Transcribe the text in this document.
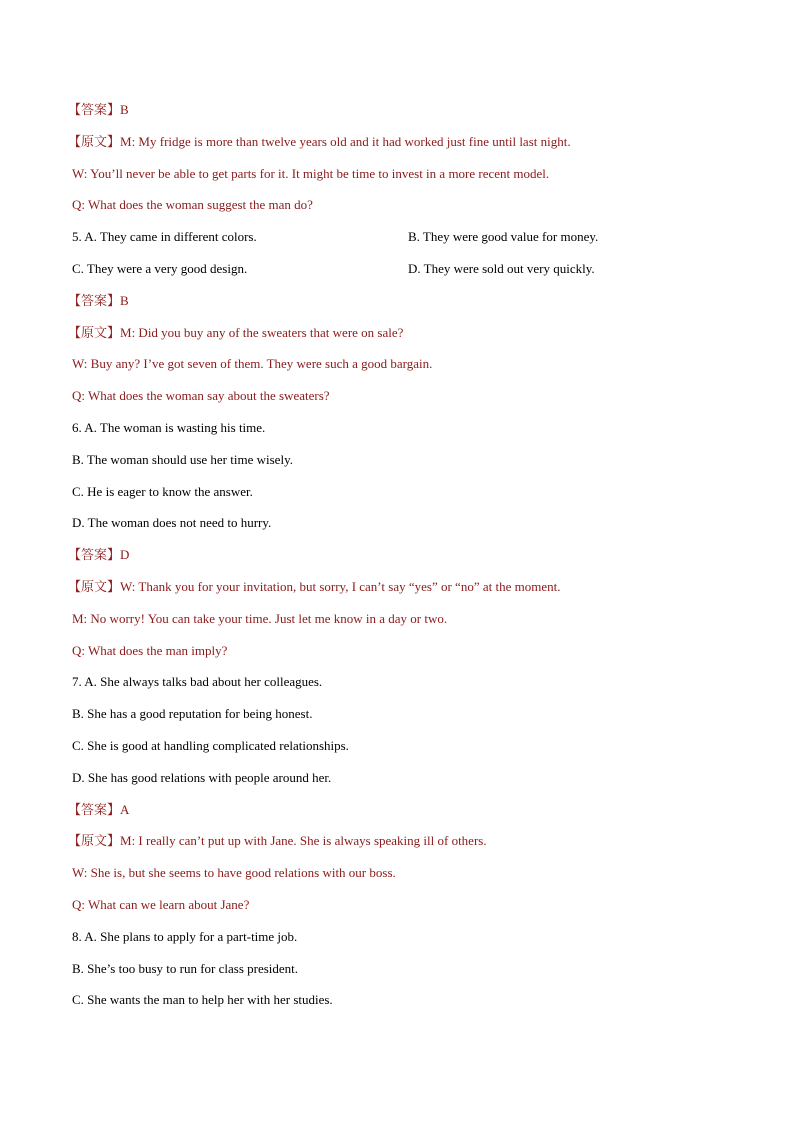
【答案】B
【原文】M: My fridge is more than twelve years old and it had worked just fine until last night.
W: You’ll never be able to get parts for it. It might be time to invest in a more recent model.
Q: What does the woman suggest the man do?
5. A. They came in different colors.	B. They were good value for money.
C. They were a very good design.	D. They were sold out very quickly.
【答案】B
【原文】M: Did you buy any of the sweaters that were on sale?
W: Buy any? I’ve got seven of them. They were such a good bargain.
Q: What does the woman say about the sweaters?
6. A. The woman is wasting his time.
B. The woman should use her time wisely.
C. He is eager to know the answer.
D. The woman does not need to hurry.
【答案】D
【原文】W: Thank you for your invitation, but sorry, I can’t say “yes” or “no” at the moment.
M: No worry! You can take your time. Just let me know in a day or two.
Q: What does the man imply?
7. A. She always talks bad about her colleagues.
B. She has a good reputation for being honest.
C. She is good at handling complicated relationships.
D. She has good relations with people around her.
【答案】A
【原文】M: I really can’t put up with Jane. She is always speaking ill of others.
W: She is, but she seems to have good relations with our boss.
Q: What can we learn about Jane?
8. A. She plans to apply for a part-time job.
B. She’s too busy to run for class president.
C. She wants the man to help her with her studies.
